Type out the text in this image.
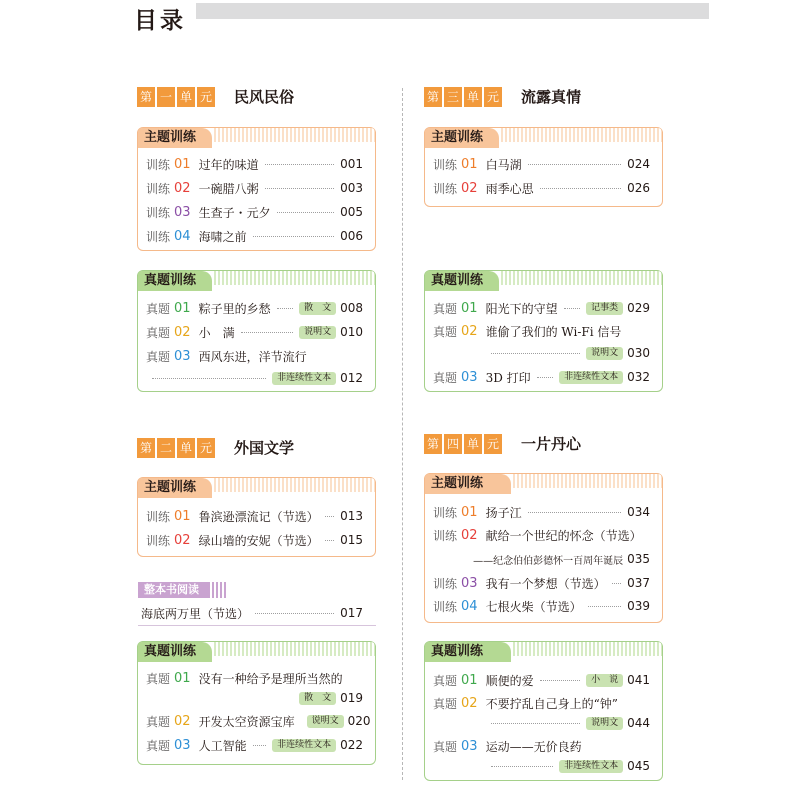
目录
第 一 单 元 民风民俗
主题训练
训练 01 过年的味道	001
训练 02 一碗腊八粥	003
训练 03 生查子・元夕	005
训练 04 海啸之前	006
真题训练
真题 01 粽子里的乡愁	散　文 008
真题 02 小　满	说明文 010
真题 03 西风东进，洋节流行
非连续性文本 012
第 二 单 元 外国文学
主题训练
训练 01 鲁滨逊漂流记（节选） 013
训练 02 绿山墙的安妮（节选） 015
整本书阅读
海底两万里（节选）	017
真题训练
真题 01 没有一种给予是理所当然的
散　文 019
真题 02 开发太空资源宝库	说明文 020
真题 03 人工智能	非连续性文本 022
第 三 单 元 流露真情
主题训练
训练 01 白马湖	024
训练 02 雨季心思	026
真题训练
真题 01 阳光下的守望	记事类 029
真题 02 谁偷了我们的 Wi-Fi 信号
说明文 030
真题 03 3D 打印	非连续性文本 032
第 四 单 元 一片丹心
主题训练
训练 01 扬子江	034
训练 02 献给一个世纪的怀念（节选）
——纪念伯伯彭德怀一百周年诞辰 035
训练 03 我有一个梦想（节选） 037
训练 04 七根火柴（节选）	039
真题训练
真题 01 顺便的爱	小　说 041
真题 02 不要拧乱自己身上的“钟”
说明文 044
真题 03 运动——无价良药
非连续性文本 045
